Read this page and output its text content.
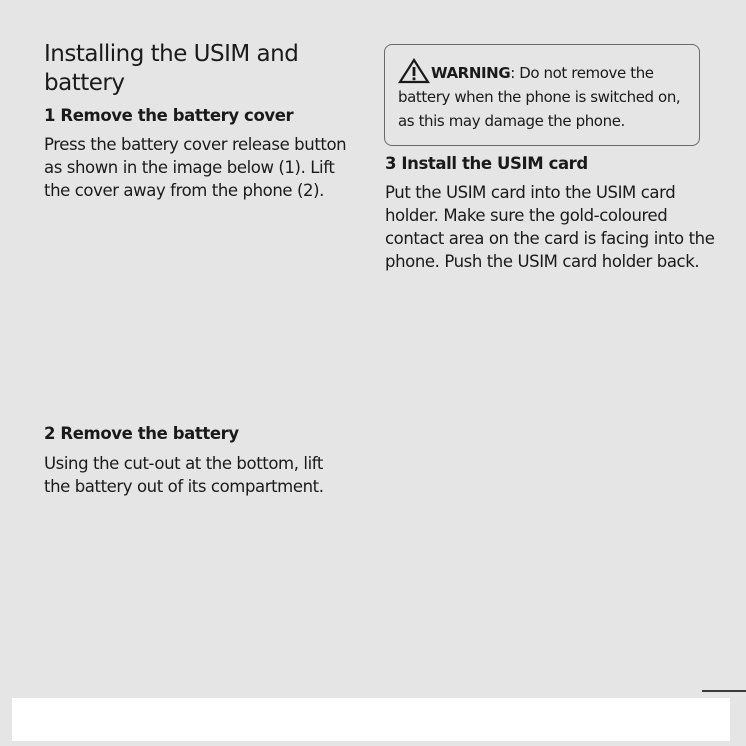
Installing the USIM and battery
1 Remove the battery cover

Press the battery cover release button as shown in the image below (1). Lift the cover away from the phone (2).

2 Remove the battery

Using the cut-out at the bottom, lift the battery out of its compartment.

WARNING: Do not remove the battery when the phone is switched on, as this may damage the phone.

3 Install the USIM card

Put the USIM card into the USIM card holder. Make sure the gold-coloured contact area on the card is facing into the phone. Push the USIM card holder back.
